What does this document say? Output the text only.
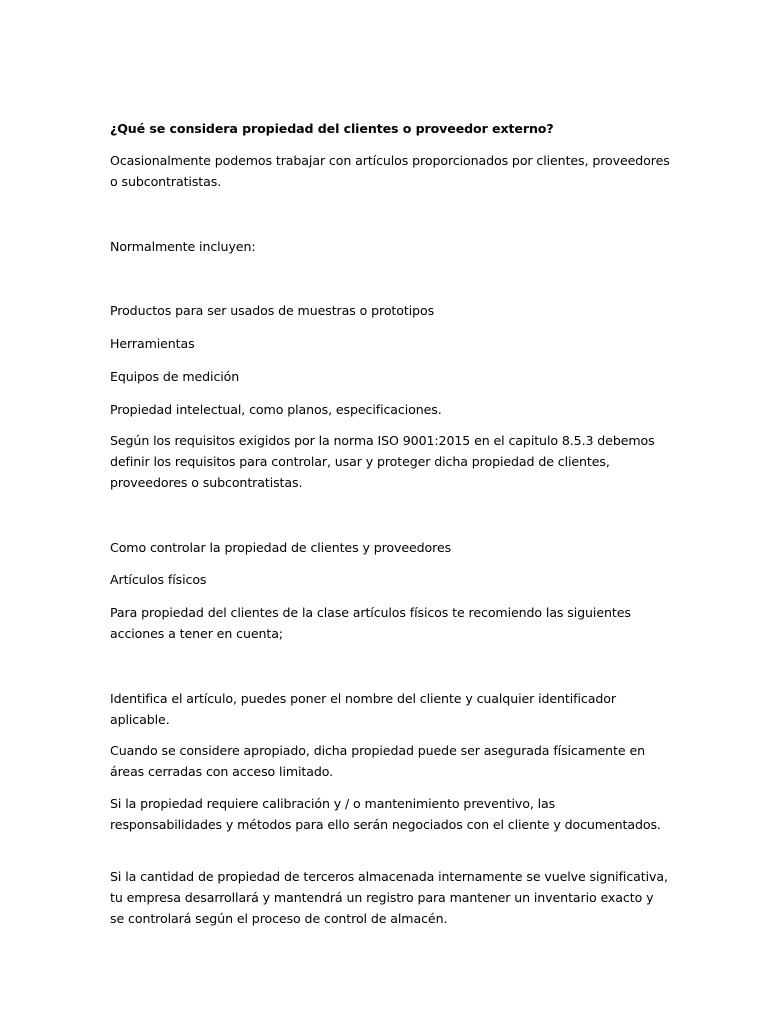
¿Qué se considera propiedad del clientes o proveedor externo?

Ocasionalmente podemos trabajar con artículos proporcionados por clientes, proveedores o subcontratistas.

Normalmente incluyen:

Productos para ser usados de muestras o prototipos

Herramientas

Equipos de medición

Propiedad intelectual, como planos, especificaciones.

Según los requisitos exigidos por la norma ISO 9001:2015 en el capitulo 8.5.3 debemos definir los requisitos para controlar, usar y proteger dicha propiedad de clientes, proveedores o subcontratistas.

Como controlar la propiedad de clientes y proveedores

Artículos físicos

Para propiedad del clientes de la clase artículos físicos te recomiendo las siguientes acciones a tener en cuenta;

Identifica el artículo, puedes poner el nombre del cliente y cualquier identificador aplicable.

Cuando se considere apropiado, dicha propiedad puede ser asegurada físicamente en áreas cerradas con acceso limitado.

Si la propiedad requiere calibración y / o mantenimiento preventivo, las responsabilidades y métodos para ello serán negociados con el cliente y documentados.

Si la cantidad de propiedad de terceros almacenada internamente se vuelve significativa, tu empresa desarrollará y mantendrá un registro para mantener un inventario exacto y se controlará según el proceso de control de almacén.
